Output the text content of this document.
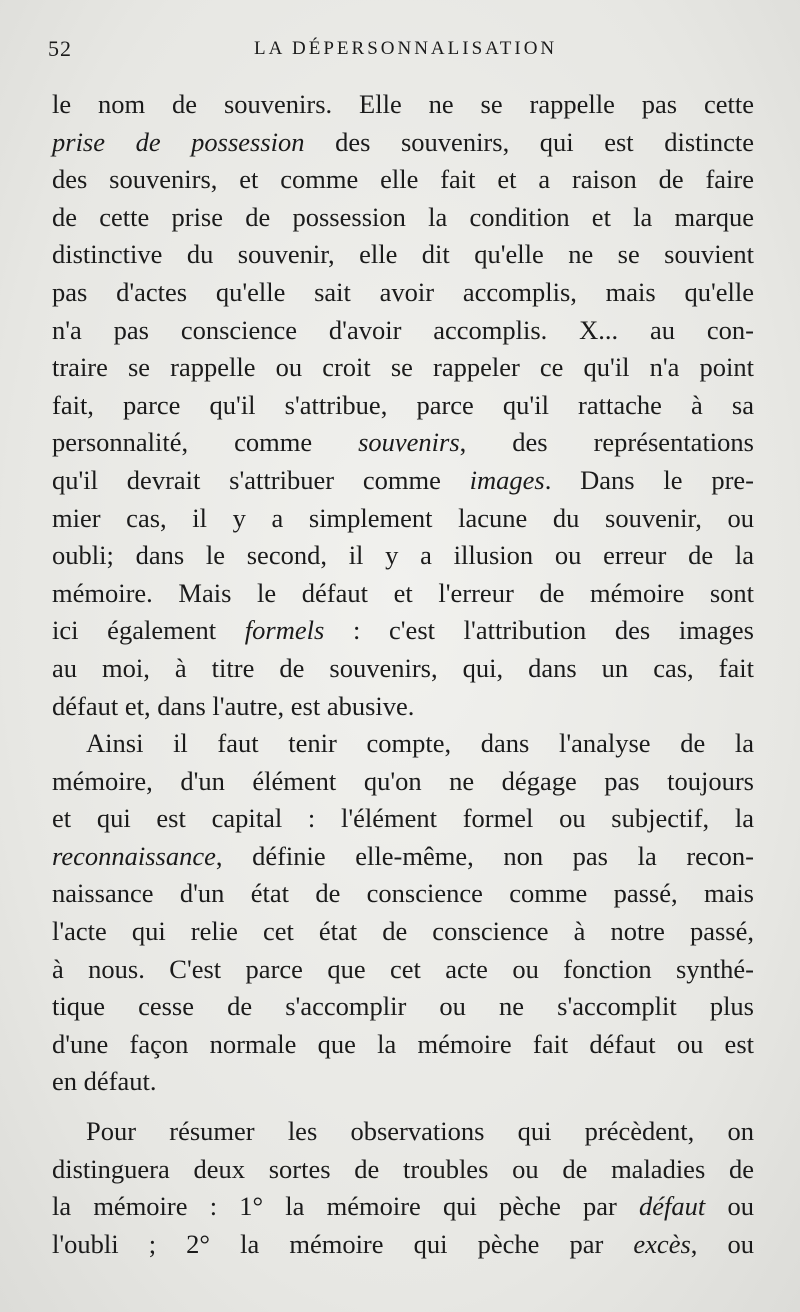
52	LA DÉPERSONNALISATION
le nom de souvenirs. Elle ne se rappelle pas cette
prise de possession des souvenirs, qui est distincte
des souvenirs, et comme elle fait et a raison de faire
de cette prise de possession la condition et la marque
distinctive du souvenir, elle dit qu'elle ne se souvient
pas d'actes qu'elle sait avoir accomplis, mais qu'elle
n'a pas conscience d'avoir accomplis. X... au con-
traire se rappelle ou croit se rappeler ce qu'il n'a point
fait, parce qu'il s'attribue, parce qu'il rattache à sa
personnalité, comme souvenirs, des représentations
qu'il devrait s'attribuer comme images. Dans le pre-
mier cas, il y a simplement lacune du souvenir, ou
oubli; dans le second, il y a illusion ou erreur de la
mémoire. Mais le défaut et l'erreur de mémoire sont
ici également formels : c'est l'attribution des images
au moi, à titre de souvenirs, qui, dans un cas, fait
défaut et, dans l'autre, est abusive.
Ainsi il faut tenir compte, dans l'analyse de la
mémoire, d'un élément qu'on ne dégage pas toujours
et qui est capital : l'élément formel ou subjectif, la
reconnaissance, définie elle-même, non pas la recon-
naissance d'un état de conscience comme passé, mais
l'acte qui relie cet état de conscience à notre passé,
à nous. C'est parce que cet acte ou fonction synthé-
tique cesse de s'accomplir ou ne s'accomplit plus
d'une façon normale que la mémoire fait défaut ou est
en défaut.
Pour résumer les observations qui précèdent, on
distinguera deux sortes de troubles ou de maladies de
la mémoire : 1° la mémoire qui pèche par défaut ou
l'oubli ; 2° la mémoire qui pèche par excès, ou
